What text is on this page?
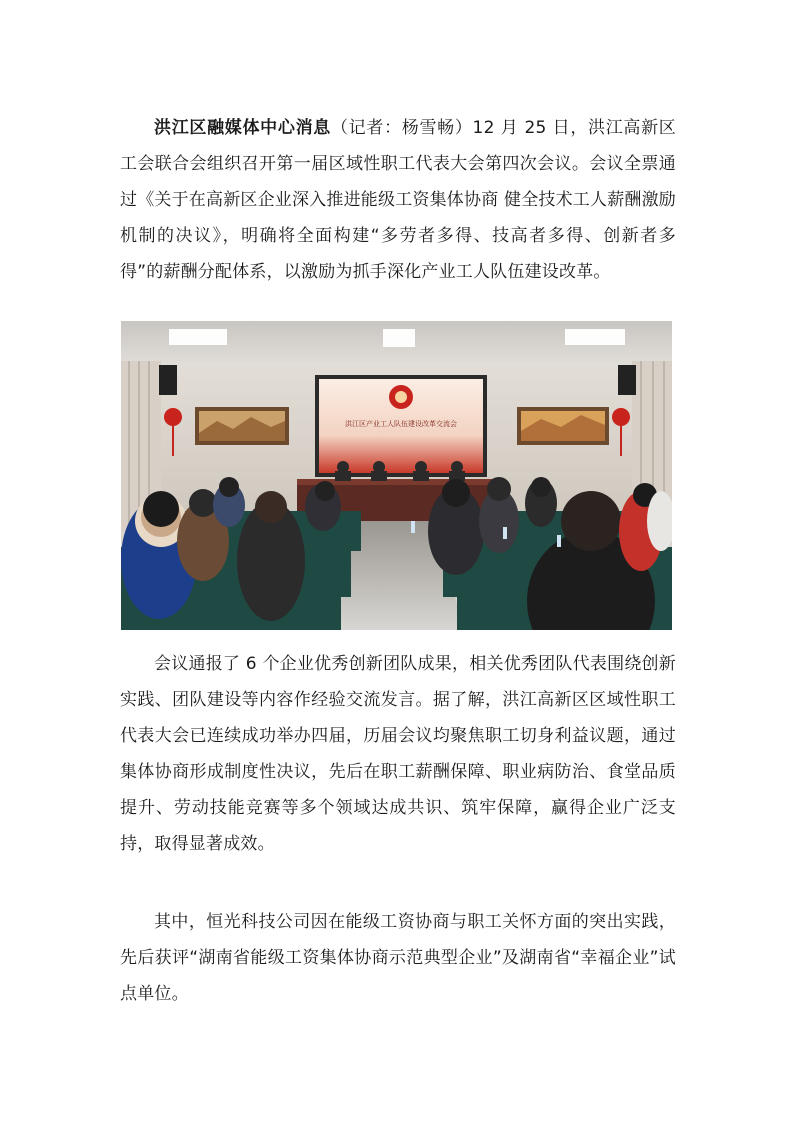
洪江区融媒体中心消息（记者：杨雪畅）12 月 25 日，洪江高新区工会联合会组织召开第一届区域性职工代表大会第四次会议。会议全票通过《关于在高新区企业深入推进能级工资集体协商 健全技术工人薪酬激励机制的决议》，明确将全面构建“多劳者多得、技高者多得、创新者多得”的薪酬分配体系，以激励为抓手深化产业工人队伍建设改革。

洪江区产业工人队伍建设改革交流会

会议通报了 6 个企业优秀创新团队成果，相关优秀团队代表围绕创新实践、团队建设等内容作经验交流发言。据了解，洪江高新区区域性职工代表大会已连续成功举办四届，历届会议均聚焦职工切身利益议题，通过集体协商形成制度性决议，先后在职工薪酬保障、职业病防治、食堂品质提升、劳动技能竞赛等多个领域达成共识、筑牢保障，赢得企业广泛支持，取得显著成效。

其中，恒光科技公司因在能级工资协商与职工关怀方面的突出实践，先后获评“湖南省能级工资集体协商示范典型企业”及湖南省“幸福企业”试点单位。
